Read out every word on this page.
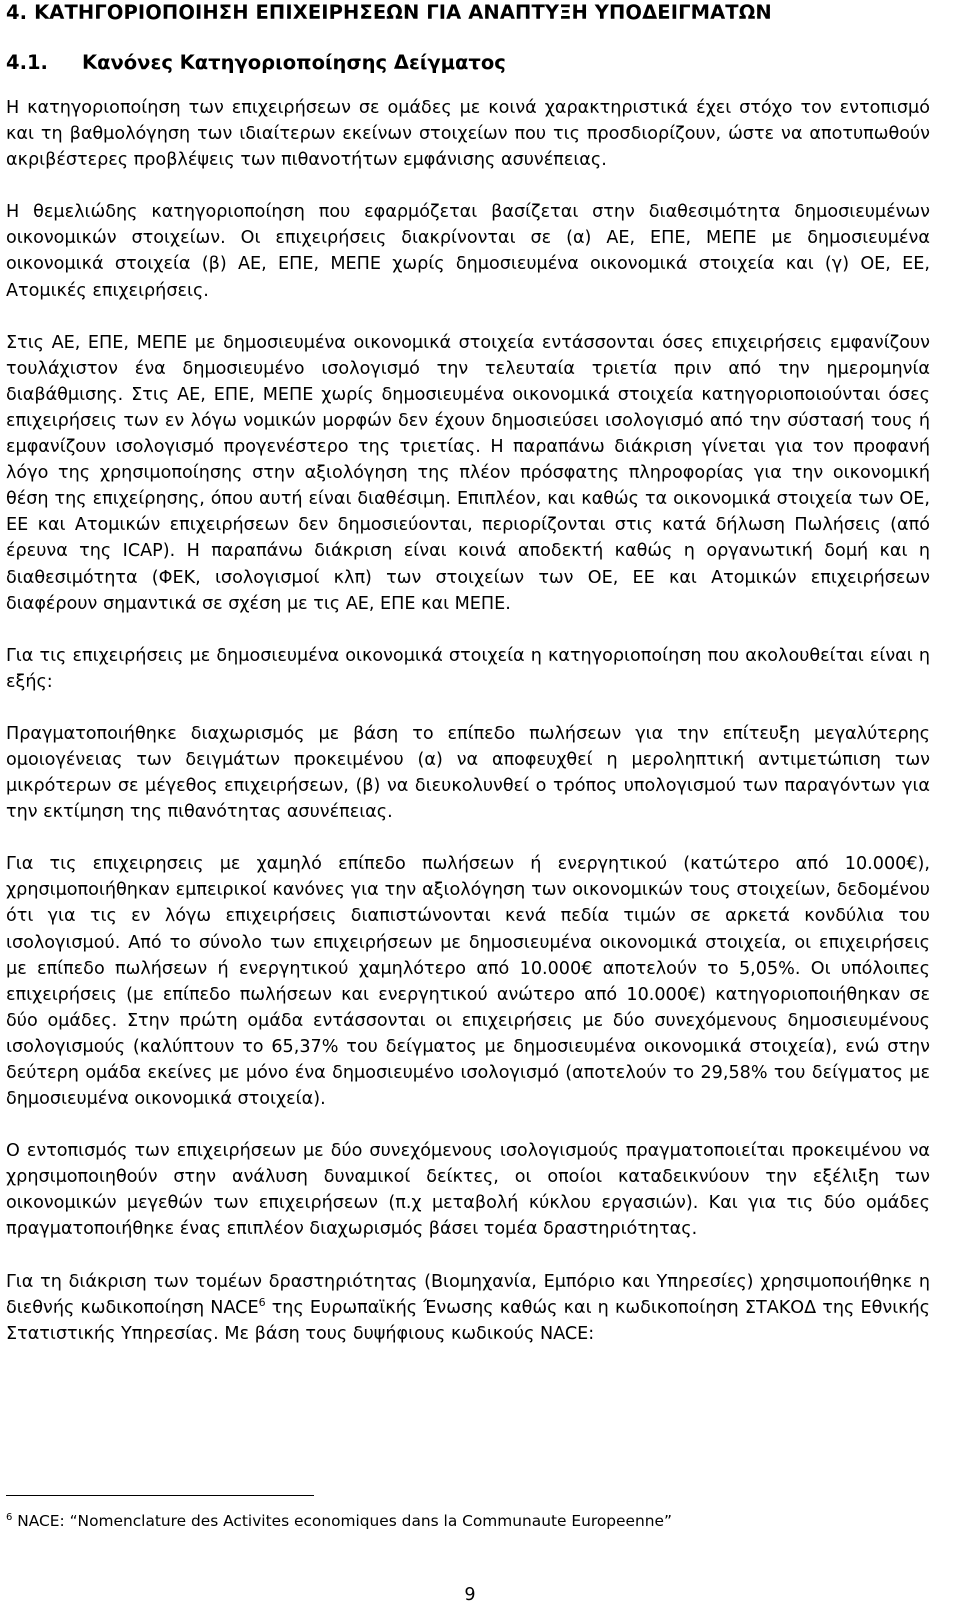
4. ΚΑΤΗΓΟΡΙΟΠΟΙΗΣΗ ΕΠΙΧΕΙΡΗΣΕΩΝ ΓΙΑ ΑΝΑΠΤΥΞΗ ΥΠΟΔΕΙΓΜΑΤΩΝ
4.1. Κανόνες Κατηγοριοποίησης Δείγματος

Η κατηγοριοποίηση των επιχειρήσεων σε ομάδες με κοινά χαρακτηριστικά έχει στόχο τον εντοπισμό και τη βαθμολόγηση των ιδιαίτερων εκείνων στοιχείων που τις προσδιορίζουν, ώστε να αποτυπωθούν ακριβέστερες προβλέψεις των πιθανοτήτων εμφάνισης ασυνέπειας.

Η θεμελιώδης κατηγοριοποίηση που εφαρμόζεται βασίζεται στην διαθεσιμότητα δημοσιευμένων οικονομικών στοιχείων. Οι επιχειρήσεις διακρίνονται σε (α) ΑΕ, ΕΠΕ, ΜΕΠΕ με δημοσιευμένα οικονομικά στοιχεία (β) ΑΕ, ΕΠΕ, ΜΕΠΕ χωρίς δημοσιευμένα οικονομικά στοιχεία και (γ) ΟΕ, ΕΕ, Ατομικές επιχειρήσεις.

Στις ΑΕ, ΕΠΕ, ΜΕΠΕ με δημοσιευμένα οικονομικά στοιχεία εντάσσονται όσες επιχειρήσεις εμφανίζουν τουλάχιστον ένα δημοσιευμένο ισολογισμό την τελευταία τριετία πριν από την ημερομηνία διαβάθμισης. Στις ΑΕ, ΕΠΕ, ΜΕΠΕ χωρίς δημοσιευμένα οικονομικά στοιχεία κατηγοριοποιούνται όσες επιχειρήσεις των εν λόγω νομικών μορφών δεν έχουν δημοσιεύσει ισολογισμό από την σύστασή τους ή εμφανίζουν ισολογισμό προγενέστερο της τριετίας. Η παραπάνω διάκριση γίνεται για τον προφανή λόγο της χρησιμοποίησης στην αξιολόγηση της πλέον πρόσφατης πληροφορίας για την οικονομική θέση της επιχείρησης, όπου αυτή είναι διαθέσιμη. Επιπλέον, και καθώς τα οικονομικά στοιχεία των ΟΕ, ΕΕ και Ατομικών επιχειρήσεων δεν δημοσιεύονται, περιορίζονται στις κατά δήλωση Πωλήσεις (από έρευνα της ICAP). Η παραπάνω διάκριση είναι κοινά αποδεκτή καθώς η οργανωτική δομή και η διαθεσιμότητα (ΦΕΚ, ισολογισμοί κλπ) των στοιχείων των ΟΕ, ΕΕ και Ατομικών επιχειρήσεων διαφέρουν σημαντικά σε σχέση με τις ΑΕ, ΕΠΕ και ΜΕΠΕ.

Για τις επιχειρήσεις με δημοσιευμένα οικονομικά στοιχεία η κατηγοριοποίηση που ακολουθείται είναι η εξής:

Πραγματοποιήθηκε διαχωρισμός με βάση το επίπεδο πωλήσεων για την επίτευξη μεγαλύτερης ομοιογένειας των δειγμάτων προκειμένου (α) να αποφευχθεί η μεροληπτική αντιμετώπιση των μικρότερων σε μέγεθος επιχειρήσεων, (β) να διευκολυνθεί ο τρόπος υπολογισμού των παραγόντων για την εκτίμηση της πιθανότητας ασυνέπειας.

Για τις επιχειρησεις με χαμηλό επίπεδο πωλήσεων ή ενεργητικού (κατώτερο από 10.000€), χρησιμοποιήθηκαν εμπειρικοί κανόνες για την αξιολόγηση των οικονομικών τους στοιχείων, δεδομένου ότι για τις εν λόγω επιχειρήσεις διαπιστώνονται κενά πεδία τιμών σε αρκετά κονδύλια του ισολογισμού. Από το σύνολο των επιχειρήσεων με δημοσιευμένα οικονομικά στοιχεία, οι επιχειρήσεις με επίπεδο πωλήσεων ή ενεργητικού χαμηλότερο από 10.000€ αποτελούν το 5,05%. Οι υπόλοιπες επιχειρήσεις (με επίπεδο πωλήσεων και ενεργητικού ανώτερο από 10.000€) κατηγοριοποιήθηκαν σε δύο ομάδες. Στην πρώτη ομάδα εντάσσονται οι επιχειρήσεις με δύο συνεχόμενους δημοσιευμένους ισολογισμούς (καλύπτουν το 65,37% του δείγματος με δημοσιευμένα οικονομικά στοιχεία), ενώ στην δεύτερη ομάδα εκείνες με μόνο ένα δημοσιευμένο ισολογισμό (αποτελούν το 29,58% του δείγματος με δημοσιευμένα οικονομικά στοιχεία).

Ο εντοπισμός των επιχειρήσεων με δύο συνεχόμενους ισολογισμούς πραγματοποιείται προκειμένου να χρησιμοποιηθούν στην ανάλυση δυναμικοί δείκτες, οι οποίοι καταδεικνύουν την εξέλιξη των οικονομικών μεγεθών των επιχειρήσεων (π.χ μεταβολή κύκλου εργασιών). Και για τις δύο ομάδες πραγματοποιήθηκε ένας επιπλέον διαχωρισμός βάσει τομέα δραστηριότητας.

Για τη διάκριση των τομέων δραστηριότητας (Βιομηχανία, Εμπόριο και Υπηρεσίες) χρησιμοποιήθηκε η διεθνής κωδικοποίηση NACE$^6$ της Ευρωπαϊκής Ένωσης καθώς και η κωδικοποίηση ΣΤΑΚΟΔ της Εθνικής Στατιστικής Υπηρεσίας. Με βάση τους δυψήφιους κωδικούς NACE:

$^6$ NACE: “Nomenclature des Activites economiques dans la Communaute Europeenne”
9
